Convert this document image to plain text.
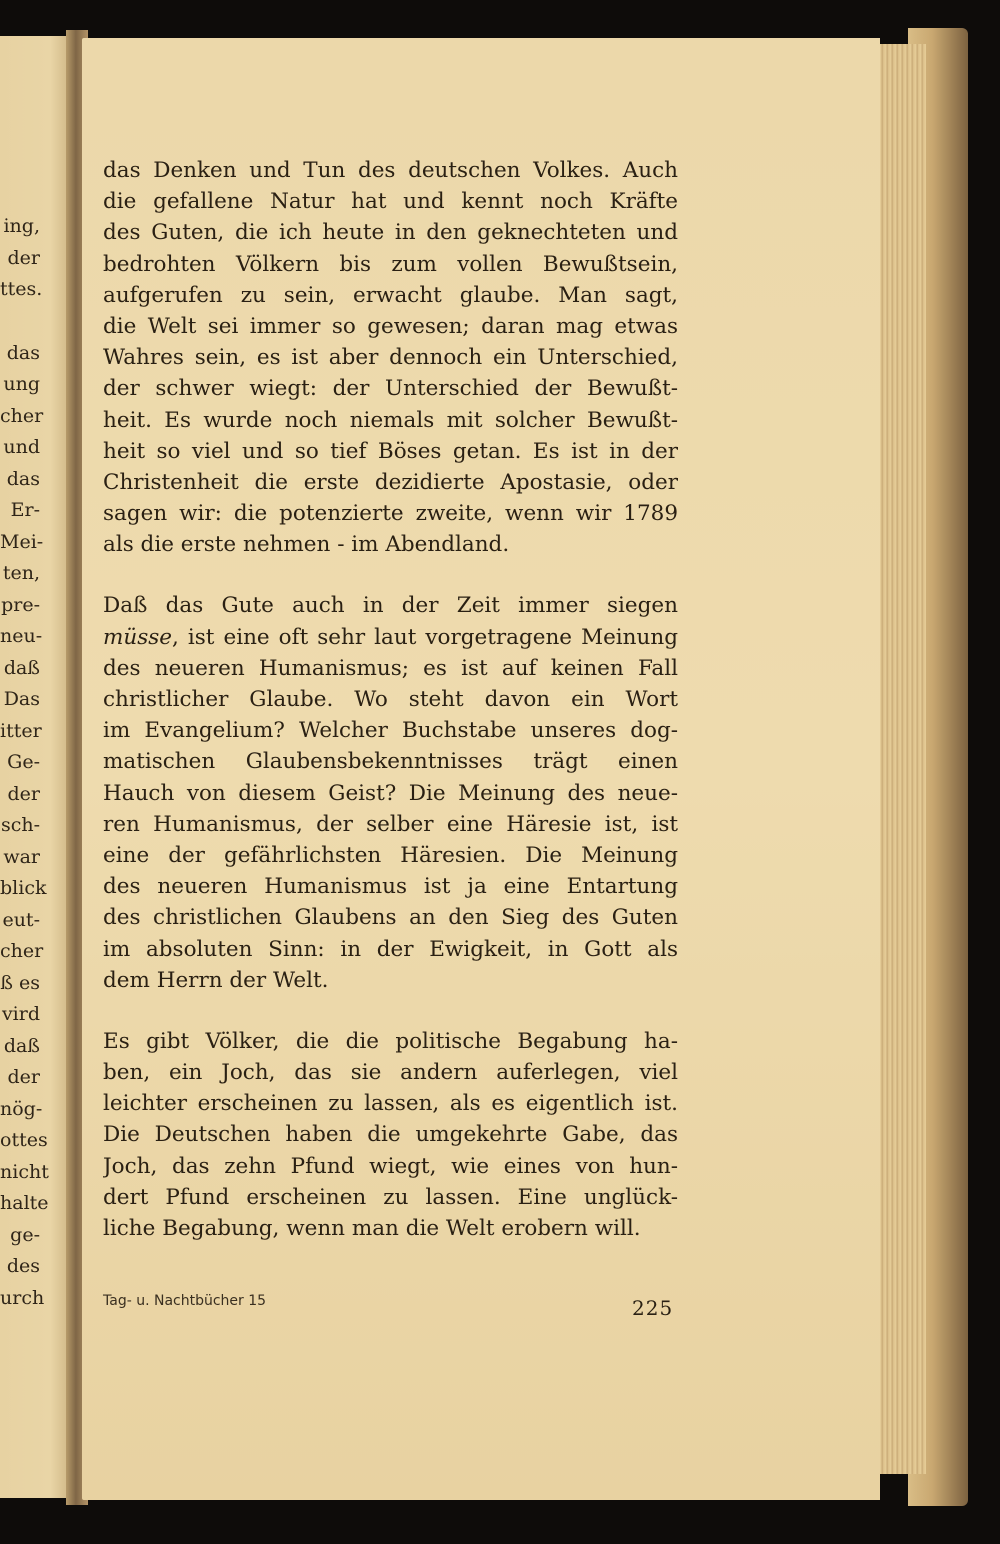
ing,
der
ttes.
das
ung
cher
und
das
Er-
Mei-
ten,
pre-
neu-
daß
Das
itter
Ge-
der
sch-
war
blick
eut-
cher
ß es
vird
daß
der
nög-
ottes
nicht
halte
ge-
des
urch
das Denken und Tun des deutschen Volkes. Auch
die gefallene Natur hat und kennt noch Kräfte
des Guten, die ich heute in den geknechteten und
bedrohten Völkern bis zum vollen Bewußtsein,
aufgerufen zu sein, erwacht glaube. Man sagt,
die Welt sei immer so gewesen; daran mag etwas
Wahres sein, es ist aber dennoch ein Unterschied,
der schwer wiegt: der Unterschied der Bewußt-
heit. Es wurde noch niemals mit solcher Bewußt-
heit so viel und so tief Böses getan. Es ist in der
Christenheit die erste dezidierte Apostasie, oder
sagen wir: die potenzierte zweite, wenn wir 1789
als die erste nehmen - im Abendland.
Daß das Gute auch in der Zeit immer siegen
müsse, ist eine oft sehr laut vorgetragene Meinung
des neueren Humanismus; es ist auf keinen Fall
christlicher Glaube. Wo steht davon ein Wort
im Evangelium? Welcher Buchstabe unseres dog-
matischen Glaubensbekenntnisses trägt einen
Hauch von diesem Geist? Die Meinung des neue-
ren Humanismus, der selber eine Häresie ist, ist
eine der gefährlichsten Häresien. Die Meinung
des neueren Humanismus ist ja eine Entartung
des christlichen Glaubens an den Sieg des Guten
im absoluten Sinn: in der Ewigkeit, in Gott als
dem Herrn der Welt.
Es gibt Völker, die die politische Begabung ha-
ben, ein Joch, das sie andern auferlegen, viel
leichter erscheinen zu lassen, als es eigentlich ist.
Die Deutschen haben die umgekehrte Gabe, das
Joch, das zehn Pfund wiegt, wie eines von hun-
dert Pfund erscheinen zu lassen. Eine unglück-
liche Begabung, wenn man die Welt erobern will.
Tag- u. Nachtbücher 15	225
